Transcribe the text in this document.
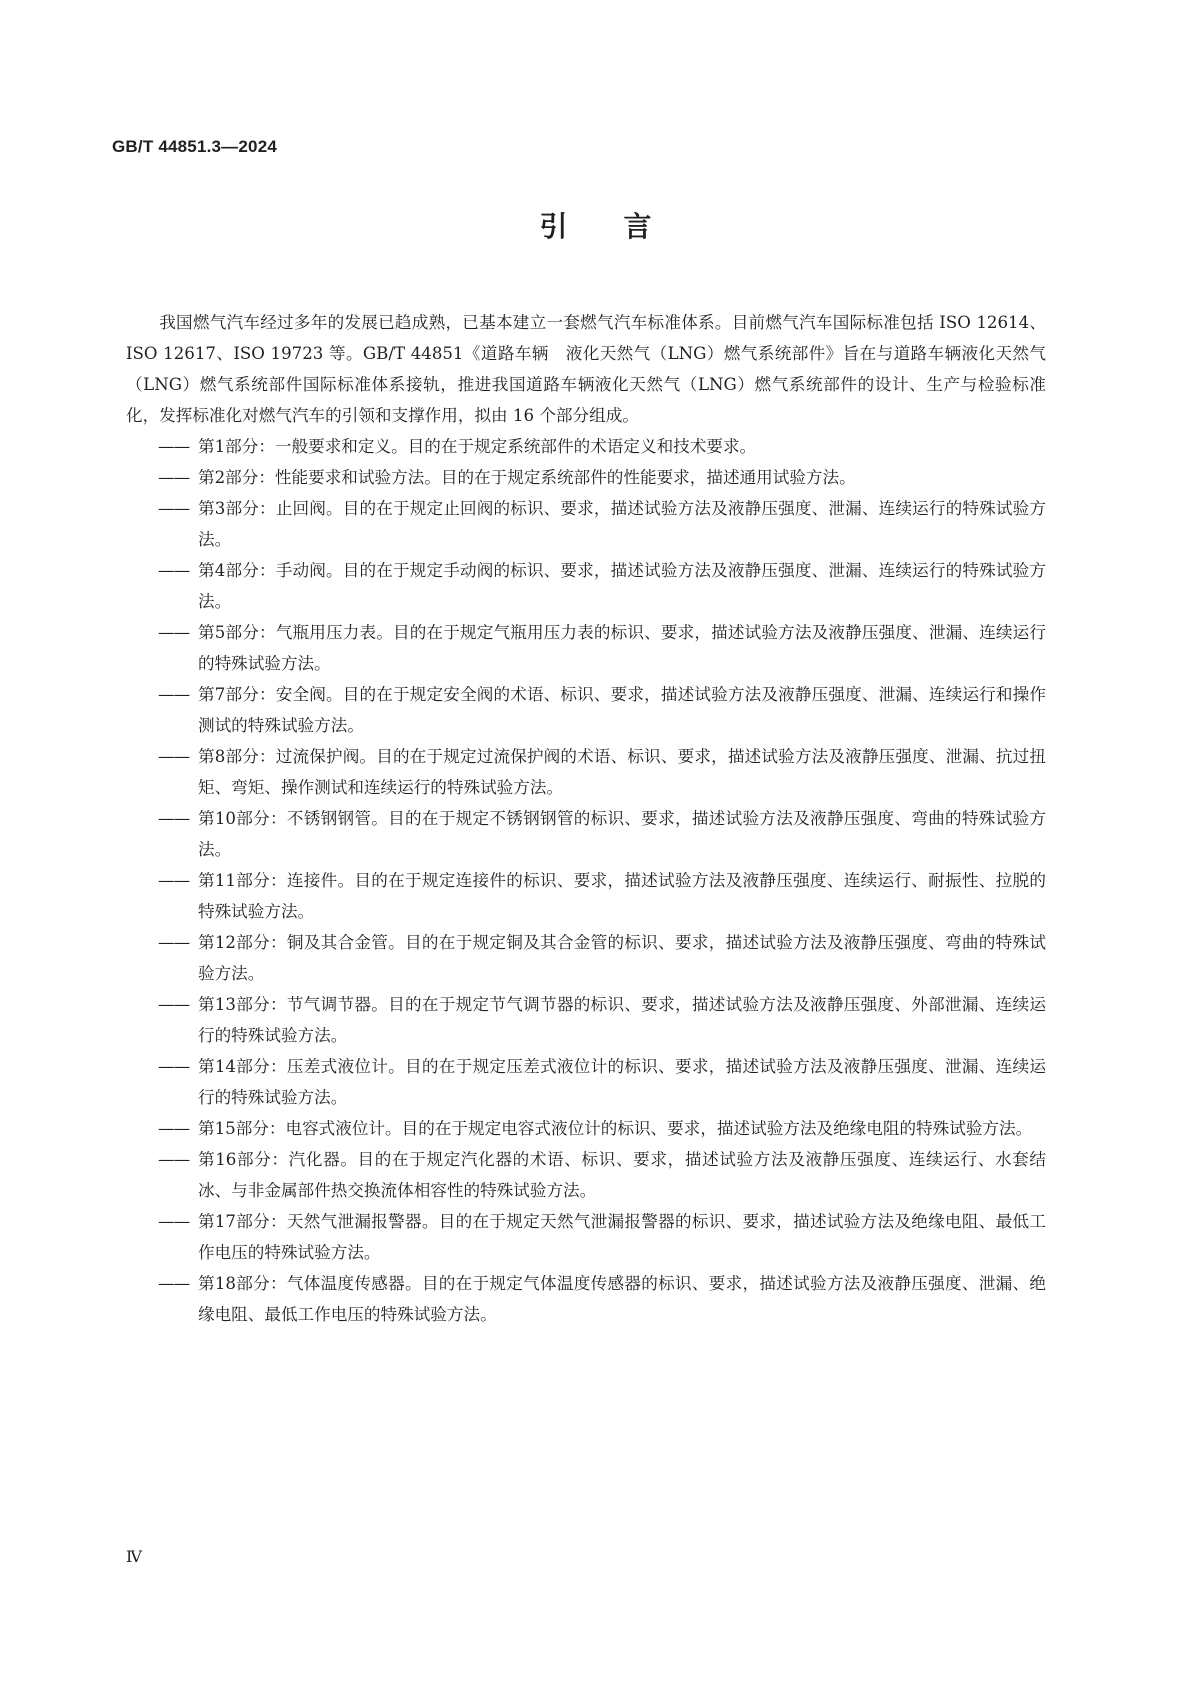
GB/T 44851.3—2024
引言

我国燃气汽车经过多年的发展已趋成熟，已基本建立一套燃气汽车标准体系。目前燃气汽车国际标准包括 ISO 12614、ISO 12617、ISO 19723 等。GB/T 44851《道路车辆　液化天然气（LNG）燃气系统部件》旨在与道路车辆液化天然气（LNG）燃气系统部件国际标准体系接轨，推进我国道路车辆液化天然气（LNG）燃气系统部件的设计、生产与检验标准化，发挥标准化对燃气汽车的引领和支撑作用，拟由 16 个部分组成。

—— 第1部分：一般要求和定义。目的在于规定系统部件的术语定义和技术要求。
—— 第2部分：性能要求和试验方法。目的在于规定系统部件的性能要求，描述通用试验方法。
—— 第3部分：止回阀。目的在于规定止回阀的标识、要求，描述试验方法及液静压强度、泄漏、连续运行的特殊试验方法。
—— 第4部分：手动阀。目的在于规定手动阀的标识、要求，描述试验方法及液静压强度、泄漏、连续运行的特殊试验方法。
—— 第5部分：气瓶用压力表。目的在于规定气瓶用压力表的标识、要求，描述试验方法及液静压强度、泄漏、连续运行的特殊试验方法。
—— 第7部分：安全阀。目的在于规定安全阀的术语、标识、要求，描述试验方法及液静压强度、泄漏、连续运行和操作测试的特殊试验方法。
—— 第8部分：过流保护阀。目的在于规定过流保护阀的术语、标识、要求，描述试验方法及液静压强度、泄漏、抗过扭矩、弯矩、操作测试和连续运行的特殊试验方法。
—— 第10部分：不锈钢钢管。目的在于规定不锈钢钢管的标识、要求，描述试验方法及液静压强度、弯曲的特殊试验方法。
—— 第11部分：连接件。目的在于规定连接件的标识、要求，描述试验方法及液静压强度、连续运行、耐振性、拉脱的特殊试验方法。
—— 第12部分：铜及其合金管。目的在于规定铜及其合金管的标识、要求，描述试验方法及液静压强度、弯曲的特殊试验方法。
—— 第13部分：节气调节器。目的在于规定节气调节器的标识、要求，描述试验方法及液静压强度、外部泄漏、连续运行的特殊试验方法。
—— 第14部分：压差式液位计。目的在于规定压差式液位计的标识、要求，描述试验方法及液静压强度、泄漏、连续运行的特殊试验方法。
—— 第15部分：电容式液位计。目的在于规定电容式液位计的标识、要求，描述试验方法及绝缘电阻的特殊试验方法。
—— 第16部分：汽化器。目的在于规定汽化器的术语、标识、要求，描述试验方法及液静压强度、连续运行、水套结冰、与非金属部件热交换流体相容性的特殊试验方法。
—— 第17部分：天然气泄漏报警器。目的在于规定天然气泄漏报警器的标识、要求，描述试验方法及绝缘电阻、最低工作电压的特殊试验方法。
—— 第18部分：气体温度传感器。目的在于规定气体温度传感器的标识、要求，描述试验方法及液静压强度、泄漏、绝缘电阻、最低工作电压的特殊试验方法。
Ⅳ
